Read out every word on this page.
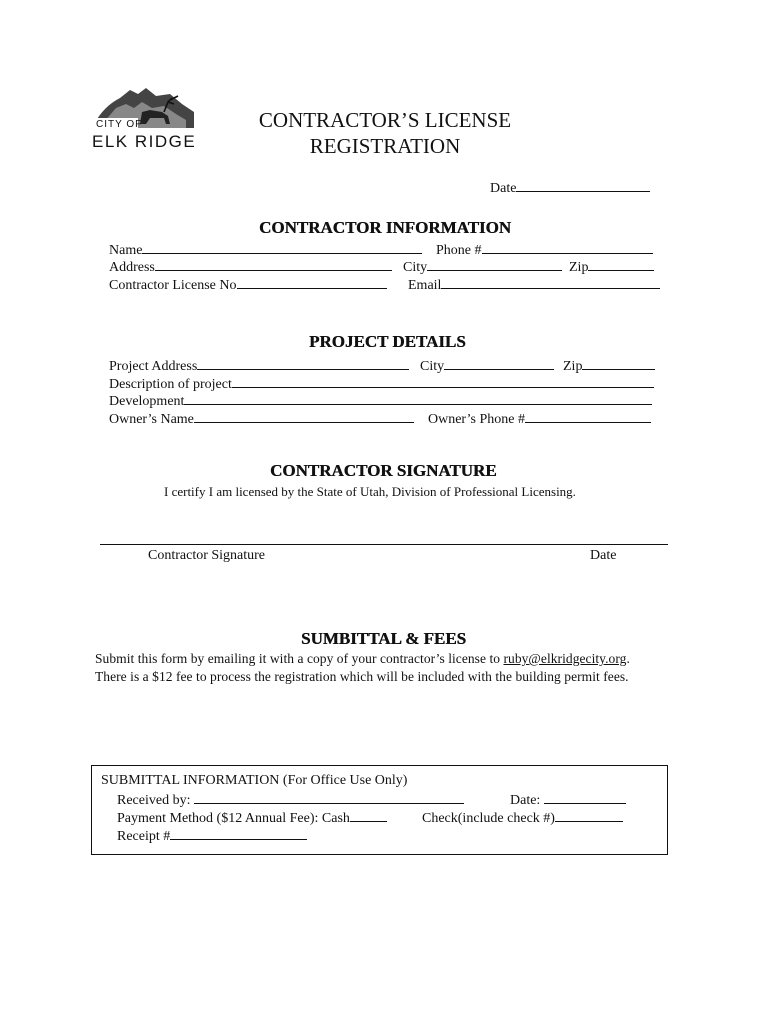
CITY OF
ELK RIDGE
CONTRACTOR’S LICENSE
REGISTRATION
Date
CONTRACTOR INFORMATION
Name	Phone #
Address	City	Zip
Contractor License No	Email
PROJECT DETAILS
Project Address	City	Zip
Description of project
Development
Owner’s Name	Owner’s Phone #
CONTRACTOR SIGNATURE
I certify I am licensed by the State of Utah, Division of Professional Licensing.
Contractor Signature	Date
SUMBITTAL & FEES
Submit this form by emailing it with a copy of your contractor’s license to ruby@elkridgecity.org.
There is a $12 fee to process the registration which will be included with the building permit fees.
SUBMITTAL INFORMATION (For Office Use Only)
Received by:	Date:
Payment Method ($12 Annual Fee): Cash	Check(include check #)
Receipt #
